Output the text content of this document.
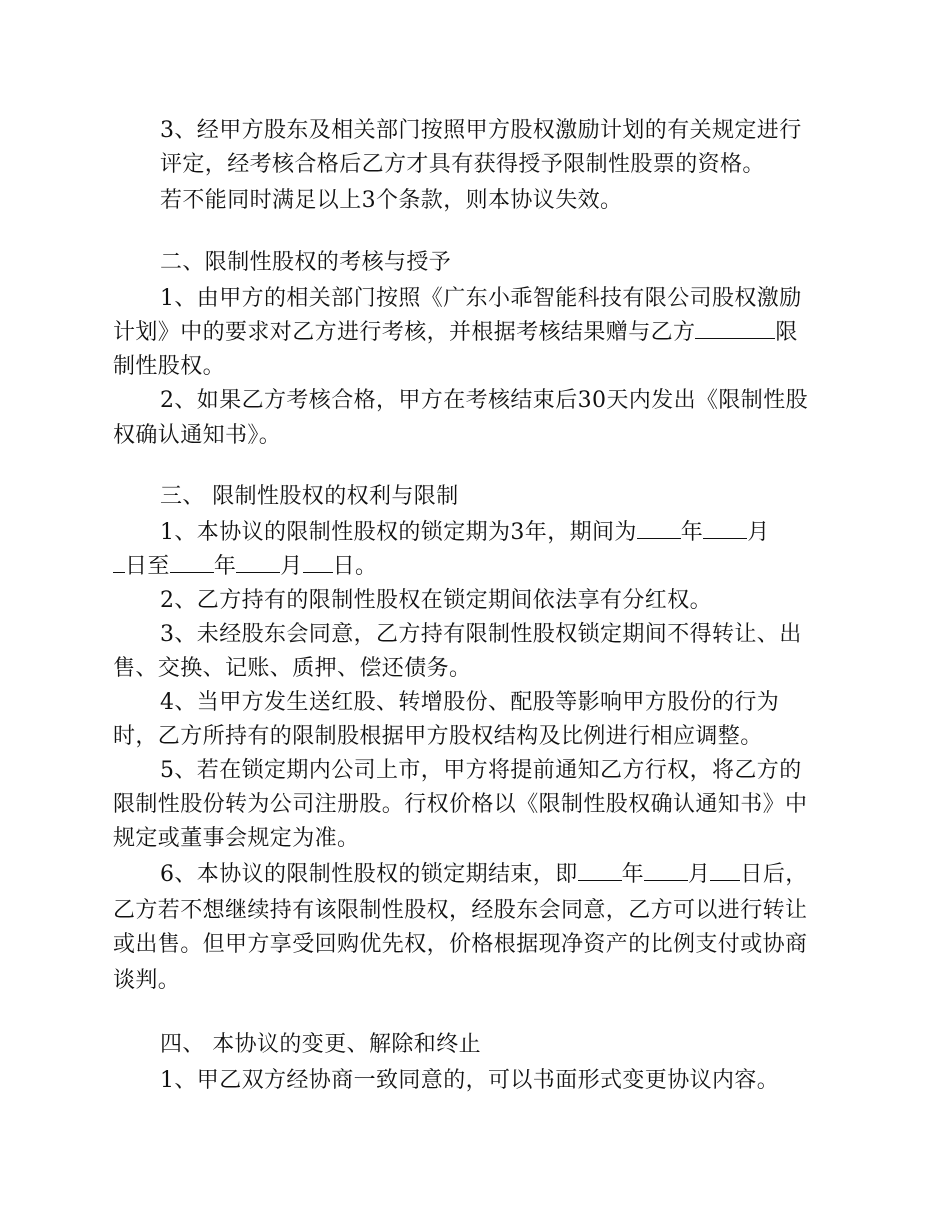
3、经甲方股东及相关部门按照甲方股权激励计划的有关规定进行
评定，经考核合格后乙方才具有获得授予限制性股票的资格。
若不能同时满足以上3个条款，则本协议失效。
二、限制性股权的考核与授予
1、由甲方的相关部门按照《广东小乖智能科技有限公司股权激励
计划》中的要求对乙方进行考核，并根据考核结果赠与乙方	限
制性股权。
2、如果乙方考核合格，甲方在考核结束后30天内发出《限制性股
权确认通知书》。
三、 限制性股权的权利与限制
1、本协议的限制性股权的锁定期为3年，期间为 年 月
日至 年 月 日。
2、乙方持有的限制性股权在锁定期间依法享有分红权。
3、未经股东会同意，乙方持有限制性股权锁定期间不得转让、出
售、交换、记账、质押、偿还债务。
4、当甲方发生送红股、转增股份、配股等影响甲方股份的行为
时，乙方所持有的限制股根据甲方股权结构及比例进行相应调整。
5、若在锁定期内公司上市，甲方将提前通知乙方行权，将乙方的
限制性股份转为公司注册股。行权价格以《限制性股权确认通知书》中
规定或董事会规定为准。
6、本协议的限制性股权的锁定期结束，即 年 月 日后，
乙方若不想继续持有该限制性股权，经股东会同意，乙方可以进行转让
或出售。但甲方享受回购优先权，价格根据现净资产的比例支付或协商
谈判。
四、 本协议的变更、解除和终止
1、甲乙双方经协商一致同意的，可以书面形式变更协议内容。
